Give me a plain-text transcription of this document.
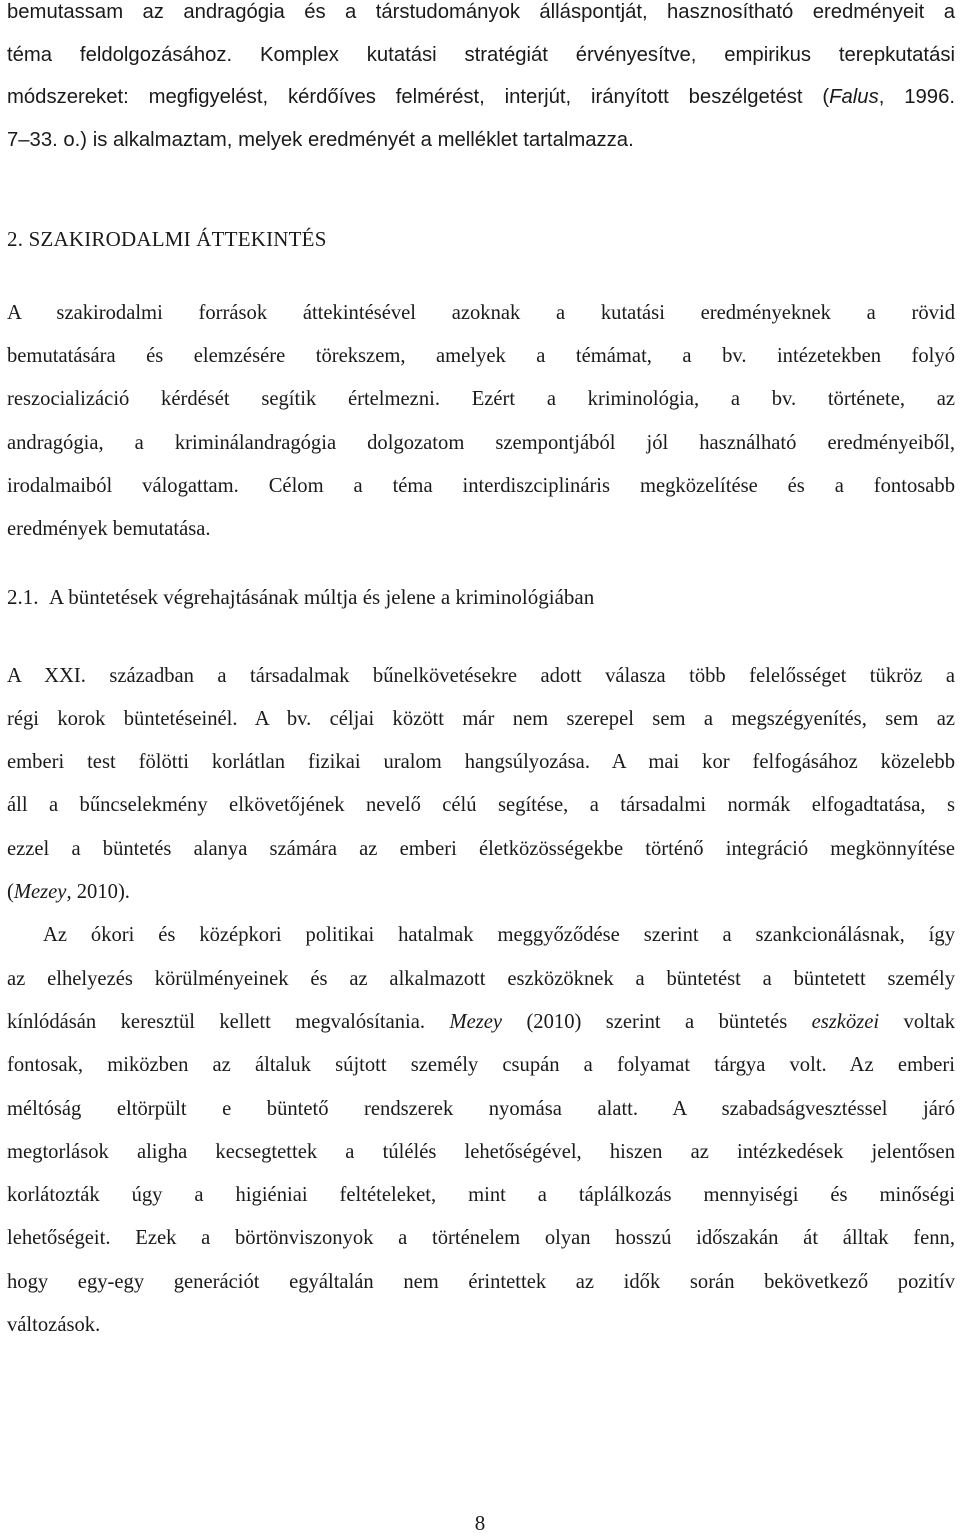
bemutassam az andragógia és a társtudományok álláspontját, hasznosítható eredményeit a
téma feldolgozásához. Komplex kutatási stratégiát érvényesítve, empirikus terepkutatási
módszereket: megfigyelést, kérdőíves felmérést, interjút, irányított beszélgetést (Falus, 1996.
7–33. o.) is alkalmaztam, melyek eredményét a melléklet tartalmazza.

2. SZAKIRODALMI ÁTTEKINTÉS

A szakirodalmi források áttekintésével azoknak a kutatási eredményeknek a rövid
bemutatására és elemzésére törekszem, amelyek a témámat, a bv. intézetekben folyó
reszocializáció kérdését segítik értelmezni. Ezért a kriminológia, a bv. története, az
andragógia, a kriminálandragógia dolgozatom szempontjából jól használható eredményeiből,
irodalmaiból válogattam. Célom a téma interdiszciplináris megközelítése és a fontosabb
eredmények bemutatása.

2.1. A büntetések végrehajtásának múltja és jelene a kriminológiában

A XXI. században a társadalmak bűnelkövetésekre adott válasza több felelősséget tükröz a
régi korok büntetéseinél. A bv. céljai között már nem szerepel sem a megszégyenítés, sem az
emberi test fölötti korlátlan fizikai uralom hangsúlyozása. A mai kor felfogásához közelebb
áll a bűncselekmény elkövetőjének nevelő célú segítése, a társadalmi normák elfogadtatása, s
ezzel a büntetés alanya számára az emberi életközösségekbe történő integráció megkönnyítése
(Mezey, 2010).

Az ókori és középkori politikai hatalmak meggyőződése szerint a szankcionálásnak, így
az elhelyezés körülményeinek és az alkalmazott eszközöknek a büntetést a büntetett személy
kínlódásán keresztül kellett megvalósítania. Mezey (2010) szerint a büntetés eszközei voltak
fontosak, miközben az általuk sújtott személy csupán a folyamat tárgya volt. Az emberi
méltóság eltörpült e büntető rendszerek nyomása alatt. A szabadságvesztéssel járó
megtorlások aligha kecsegtettek a túlélés lehetőségével, hiszen az intézkedések jelentősen
korlátozták úgy a higiéniai feltételeket, mint a táplálkozás mennyiségi és minőségi
lehetőségeit. Ezek a börtönviszonyok a történelem olyan hosszú időszakán át álltak fenn,
hogy egy-egy generációt egyáltalán nem érintettek az idők során bekövetkező pozitív
változások.

8
